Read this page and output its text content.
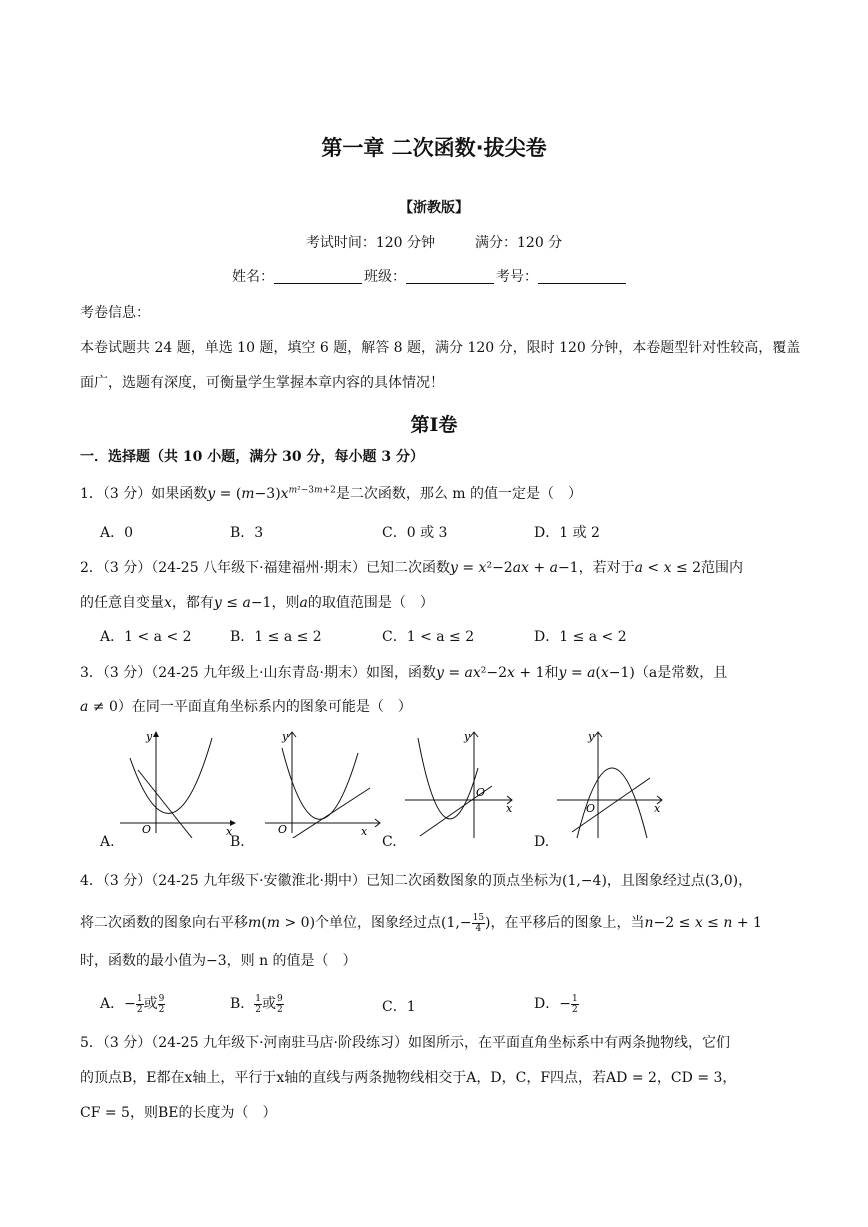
第一章 二次函数·拔尖卷
【浙教版】
考试时间：120 分钟	满分：120 分
姓名：	班级：	考号：
考卷信息：
本卷试题共 24 题，单选 10 题，填空 6 题，解答 8 题，满分 120 分，限时 120 分钟，本卷题型针对性较高，覆盖
面广，选题有深度，可衡量学生掌握本章内容的具体情况！
第Ⅰ卷
一．选择题（共 10 小题，满分 30 分，每小题 3 分）
1．（3 分）如果函数$y = (m-3)x^{m^2-3m+2}$是二次函数，那么 m 的值一定是（　）
A．0	B．3	C．0 或 3	D．1 或 2
2．（3 分）（24-25 八年级下·福建福州·期末）已知二次函数y = x²−2ax + a−1，若对于a < x ≤ 2范围内
的任意自变量x，都有y ≤ a−1，则a的取值范围是（　）
A．1 < a < 2	B．1 ≤ a ≤ 2	C．1 < a ≤ 2	D．1 ≤ a < 2
3．（3 分）（24-25 九年级上·山东青岛·期末）如图，函数y = ax²−2x + 1和y = a(x−1)（a是常数，且
a ≠ 0）在同一平面直角坐标系内的图象可能是（　）
y
x
O
A.
y
x
O
B.
y
x
O
C.
y
x
O
D.
4．（3 分）（24-25 九年级下·安徽淮北·期中）已知二次函数图象的顶点坐标为(1,−4)，且图象经过点(3,0)，
将二次函数的图象向右平移m(m > 0)个单位，图象经过点($1,- \frac{15}{4}$ )，在平移后的图象上，当n−2 ≤ x ≤ n + 1
时，函数的最小值为−3，则 n 的值是（　）
A．− $\frac{1}{2}$ 或 $\frac{9}{2}$	B． $\frac{1}{2}$ 或 $\frac{9}{2}$	C．1	D．− $\frac{1}{2}$
5．（3 分）（24-25 九年级下·河南驻马店·阶段练习）如图所示，在平面直角坐标系中有两条抛物线，它们
的顶点B，E都在x轴上，平行于x轴的直线与两条抛物线相交于A，D，C，F四点，若AD = 2，CD = 3，
CF = 5，则BE的长度为（　）
